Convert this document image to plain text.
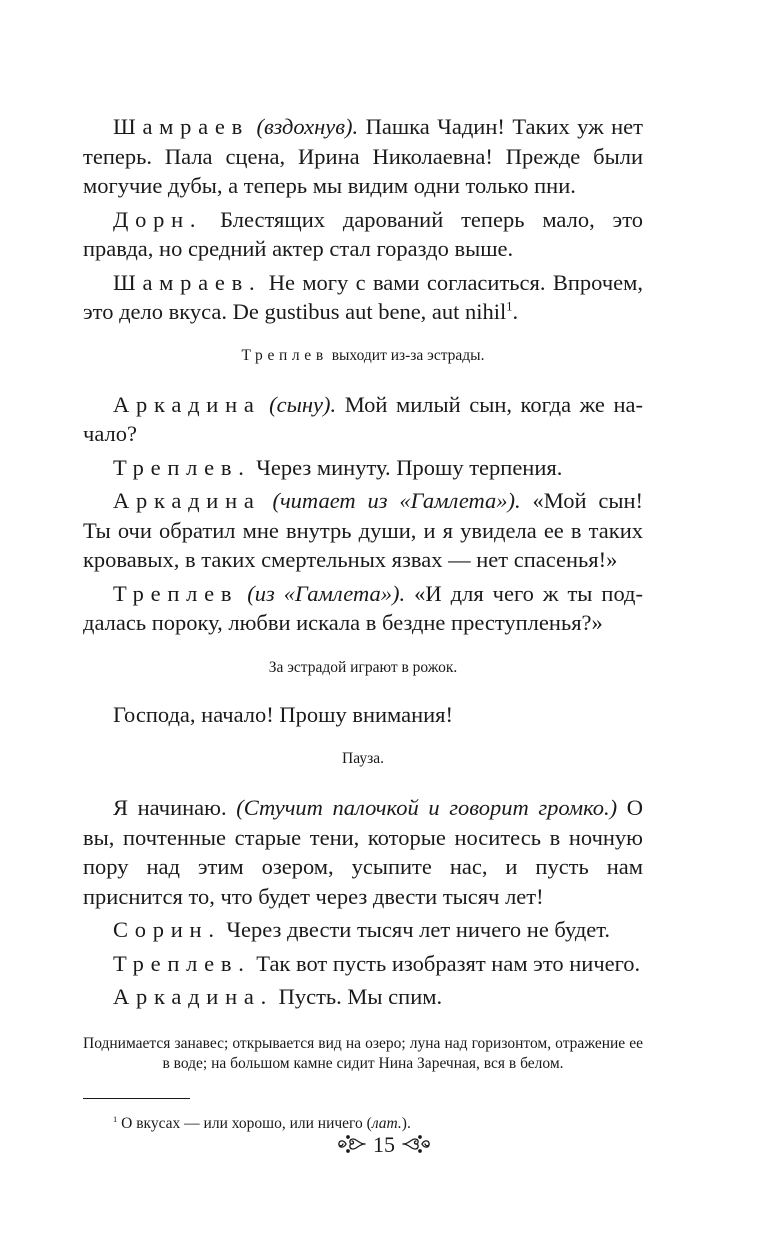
Шамраев (вздохнув). Пашка Чадин! Таких уж нет теперь. Пала сцена, Ирина Николаевна! Прежде были могучие дубы, а теперь мы видим одни только пни.

Дорн. Блестящих дарований теперь мало, это правда, но средний актер стал гораздо выше.

Шамраев. Не могу с вами согласиться. Впрочем, это дело вкуса. De gustibus aut bene, aut nihil$^1$.

Треплев выходит из-за эстрады.

Аркадина (сыну). Мой милый сын, когда же начало?

Треплев. Через минуту. Прошу терпения.

Аркадина (читает из «Гамлета»). «Мой сын! Ты очи обратил мне внутрь души, и я увидела ее в таких кровавых, в таких смертельных язвах — нет спасенья!»

Треплев (из «Гамлета»). «И для чего ж ты поддалась пороку, любви искала в бездне преступленья?»

За эстрадой играют в рожок.

Господа, начало! Прошу внимания!

Пауза.

Я начинаю. (Стучит палочкой и говорит громко.) О вы, почтенные старые тени, которые носитесь в ночную пору над этим озером, усыпите нас, и пусть нам приснится то, что будет через двести тысяч лет!

Сорин. Через двести тысяч лет ничего не будет.

Треплев. Так вот пусть изобразят нам это ничего.

Аркадина. Пусть. Мы спим.

Поднимается занавес; открывается вид на озеро; луна над горизонтом, отражение ее в воде; на большом камне сидит Нина Заречная, вся в белом.

$^1$ О вкусах — или хорошо, или ничего (лат.).
15
